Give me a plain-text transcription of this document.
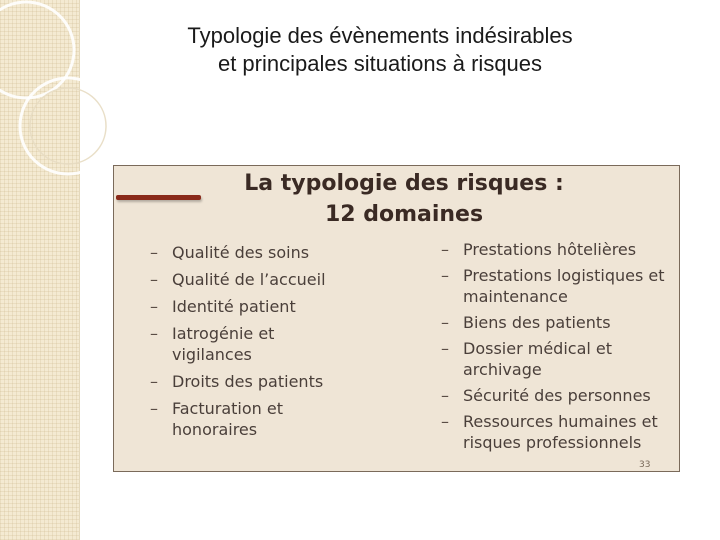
Typologie des évènements indésirables
et principales situations à risques
La typologie des risques :
12 domaines
– Qualité des soins
– Qualité de l’accueil
– Identité patient
– Iatrogénie et vigilances
– Droits des patients
– Facturation et honoraires
– Prestations hôtelières
– Prestations logistiques et maintenance
– Biens des patients
– Dossier médical et archivage
– Sécurité des personnes
– Ressources humaines et risques professionnels
33
